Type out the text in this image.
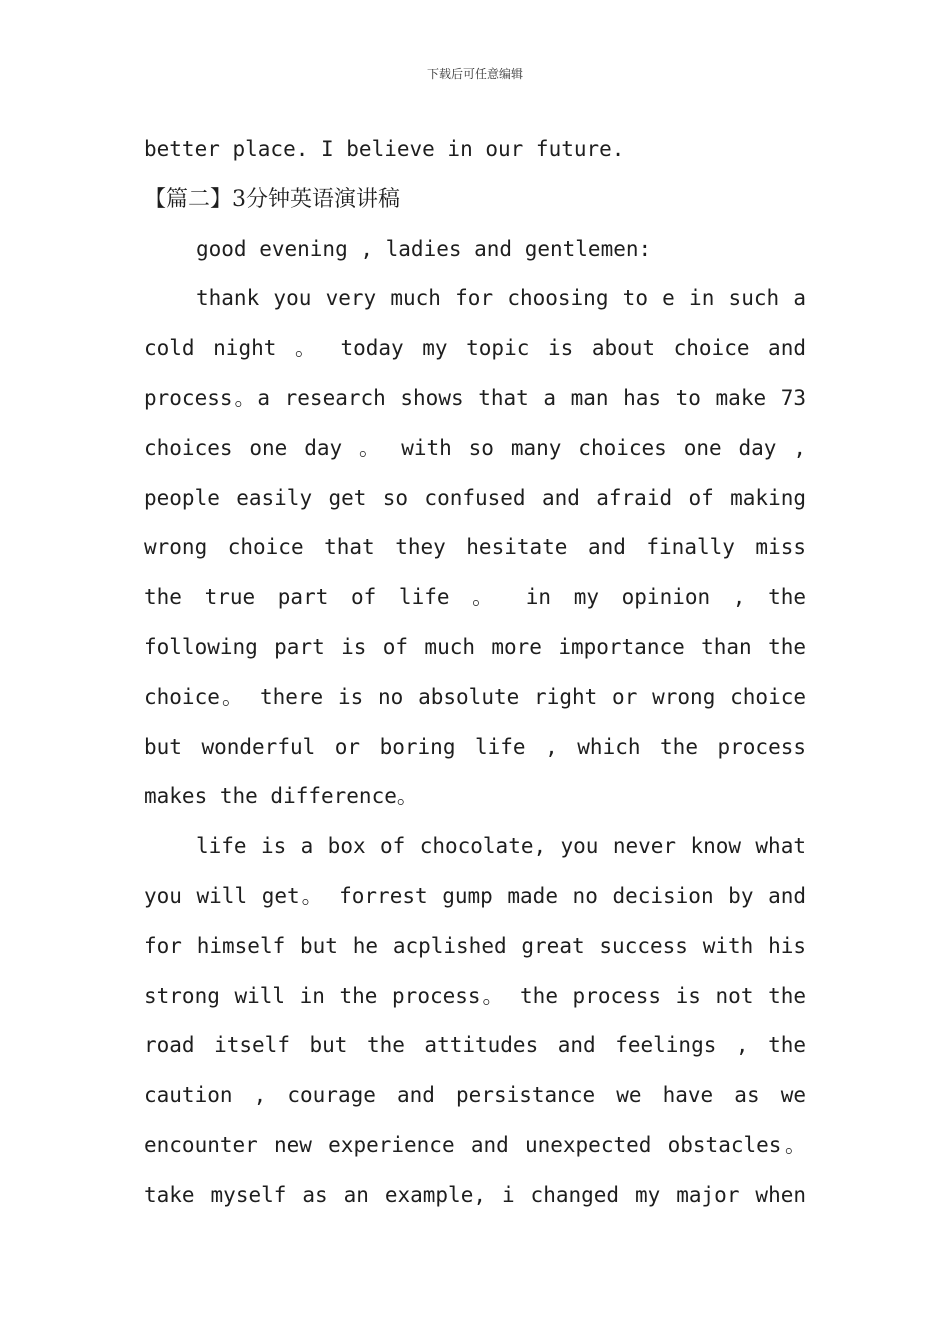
下载后可任意编辑
better place. I believe in our future.
【篇二】3分钟英语演讲稿
good evening , ladies and gentlemen:
thank you very much for choosing to e in such a
cold night 。 today my topic is about choice and
process。a research shows that a man has to make 73
choices one day 。 with so many choices one day ,
people easily get so confused and afraid of making
wrong choice that they hesitate and finally miss
the true part of life 。 in my opinion , the
following part is of much more importance than the
choice。 there is no absolute right or wrong choice
but wonderful or boring life , which the process
makes the difference。
life is a box of chocolate, you never know what
you will get。 forrest gump made no decision by and
for himself but he acplished great success with his
strong will in the process。 the process is not the
road itself but the attitudes and feelings , the
caution , courage and persistance we have as we
encounter new experience and unexpected obstacles。
take myself as an example, i changed my major when
